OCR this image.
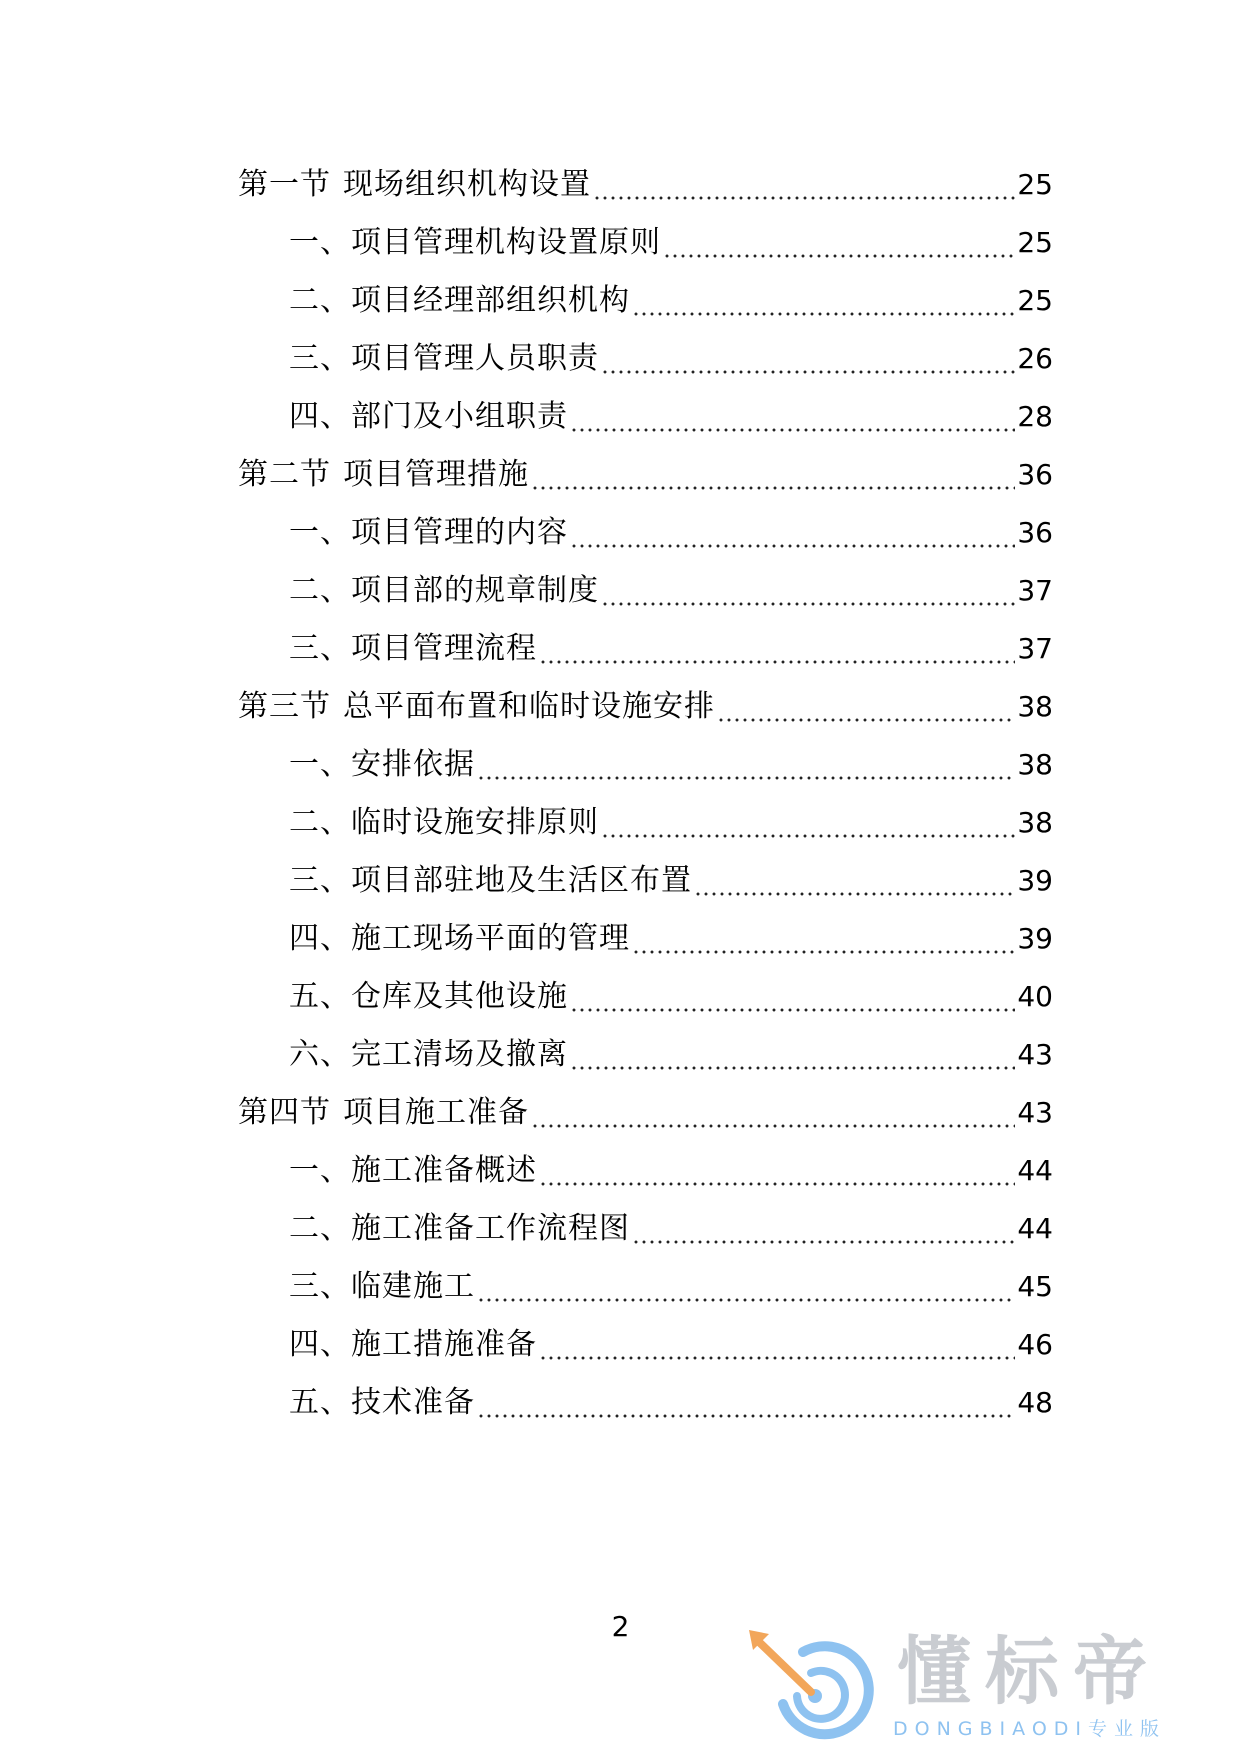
第一节 现场组织机构设置	25
一、项目管理机构设置原则	25
二、项目经理部组织机构	25
三、项目管理人员职责	26
四、部门及小组职责	28
第二节 项目管理措施	36
一、项目管理的内容	36
二、项目部的规章制度	37
三、项目管理流程	37
第三节 总平面布置和临时设施安排	38
一、安排依据	38
二、临时设施安排原则	38
三、项目部驻地及生活区布置	39
四、施工现场平面的管理	39
五、仓库及其他设施	40
六、完工清场及撤离	43
第四节 项目施工准备	43
一、施工准备概述	44
二、施工准备工作流程图	44
三、临建施工	45
四、施工措施准备	46
五、技术准备	48
2
懂标帝
DONGBIAODI专业版
